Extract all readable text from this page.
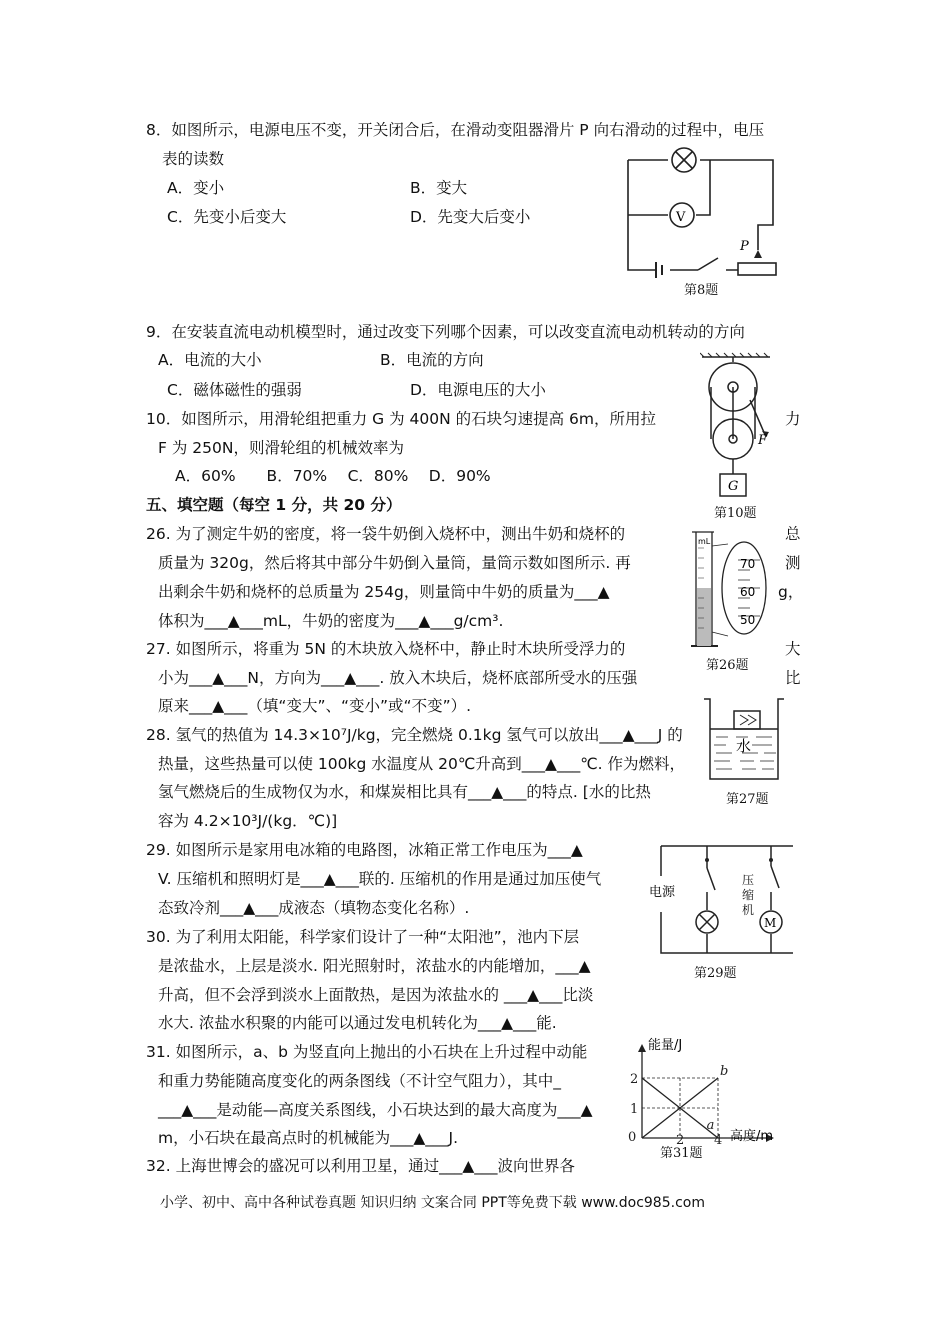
8．如图所示，电源电压不变，开关闭合后，在滑动变阻器滑片 P 向右滑动的过程中，电压
表的读数
A．变小	B．变大
C．先变小后变大	D．先变大后变小	V
P
第8题
9．在安装直流电动机模型时，通过改变下列哪个因素，可以改变直流电动机转动的方向
A．电流的大小	B．电流的方向
C．磁体磁性的强弱	D．电源电压的大小
10．如图所示，用滑轮组把重力 G 为 400N 的石块匀速提高 6m，所用拉	力
F 为 250N，则滑轮组的机械效率为
A．60%　　B．70%　 C．80%　 D．90%
F
G
第10题
五、填空题（每空 1 分，共 20 分）
26. 为了测定牛奶的密度，将一袋牛奶倒入烧杯中，测出牛奶和烧杯的	总
质量为 320g，然后将其中部分牛奶倒入量筒，量筒示数如图所示. 再	测
出剩余牛奶和烧杯的总质量为 254g，则量筒中牛奶的质量为___▲	g，
体积为___▲___mL，牛奶的密度为___▲___g/cm³.
mL
70
60
50
第26题
27. 如图所示，将重为 5N 的木块放入烧杯中，静止时木块所受浮力的	大
小为___▲___N，方向为___▲___. 放入木块后，烧杯底部所受水的压强	比
原来___▲___（填“变大”、“变小”或“不变”）.
水
第27题
28. 氢气的热值为 14.3×10⁷J/kg，完全燃烧 0.1kg 氢气可以放出___▲___J 的
热量，这些热量可以使 100kg 水温度从 20℃升高到___▲___℃. 作为燃料，
氢气燃烧后的生成物仅为水，和煤炭相比具有___▲___的特点. [水的比热
容为 4.2×10³J/(kg．℃)]
29. 如图所示是家用电冰箱的电路图，冰箱正常工作电压为___▲
V. 压缩机和照明灯是___▲___联的. 压缩机的作用是通过加压使气
态致冷剂___▲___成液态（填物态变化名称）.
电源
M
压缩机
第29题
30. 为了利用太阳能，科学家们设计了一种“太阳池”，池内下层
是浓盐水，上层是淡水. 阳光照射时，浓盐水的内能增加，___▲
升高，但不会浮到淡水上面散热，是因为浓盐水的 ___▲___比淡
水大. 浓盐水积聚的内能可以通过发电机转化为___▲___能.
31. 如图所示，a、b 为竖直向上抛出的小石块在上升过程中动能
和重力势能随高度变化的两条图线（不计空气阻力），其中_
___▲___是动能—高度关系图线，小石块达到的最大高度为___▲
m，小石块在最高点时的机械能为___▲___J.
1
2
0	2 4
b
a
能量/J
高度/m
第31题
32. 上海世博会的盛况可以利用卫星，通过___▲___波向世界各
小学、初中、高中各种试卷真题 知识归纳 文案合同 PPT等免费下载 www.doc985.com
